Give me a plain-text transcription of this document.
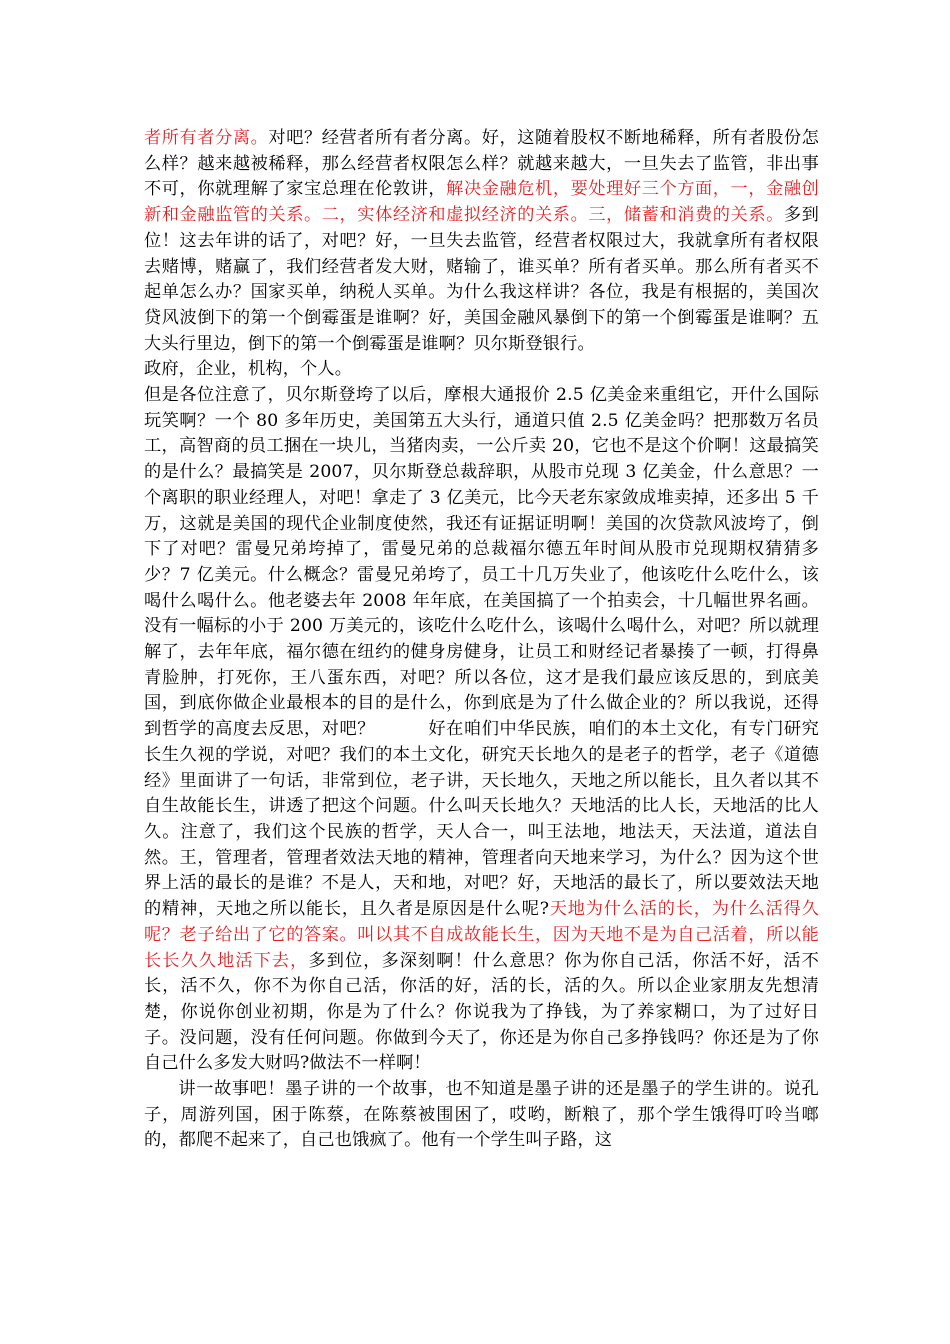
者所有者分离。对吧？经营者所有者分离。好，这随着股权不断地稀释，所有者股份怎么样？越来越被稀释，那么经营者权限怎么样？就越来越大，一旦失去了监管，非出事不可，你就理解了家宝总理在伦敦讲，解决金融危机，要处理好三个方面，一，金融创新和金融监管的关系。二，实体经济和虚拟经济的关系。三，储蓄和消费的关系。多到位！这去年讲的话了，对吧？好，一旦失去监管，经营者权限过大，我就拿所有者权限去赌博，赌赢了，我们经营者发大财，赌输了，谁买单？所有者买单。那么所有者买不起单怎么办？国家买单，纳税人买单。为什么我这样讲？各位，我是有根据的，美国次贷风波倒下的第一个倒霉蛋是谁啊？好，美国金融风暴倒下的第一个倒霉蛋是谁啊？五大头行里边，倒下的第一个倒霉蛋是谁啊？贝尔斯登银行。

政府，企业，机构，个人。

但是各位注意了，贝尔斯登垮了以后，摩根大通报价 2.5 亿美金来重组它，开什么国际玩笑啊？一个 80 多年历史，美国第五大头行，通道只值 2.5 亿美金吗？把那数万名员工，高智商的员工捆在一块儿，当猪肉卖，一公斤卖 20，它也不是这个价啊！这最搞笑的是什么？最搞笑是 2007，贝尔斯登总裁辞职，从股市兑现 3 亿美金，什么意思？一个离职的职业经理人，对吧！拿走了 3 亿美元，比今天老东家敛成堆卖掉，还多出 5 千万，这就是美国的现代企业制度使然，我还有证据证明啊！美国的次贷款风波垮了，倒下了对吧？雷曼兄弟垮掉了，雷曼兄弟的总裁福尔德五年时间从股市兑现期权猜猜多少？7 亿美元。什么概念？雷曼兄弟垮了，员工十几万失业了，他该吃什么吃什么，该喝什么喝什么。他老婆去年 2008 年年底，在美国搞了一个拍卖会，十几幅世界名画。没有一幅标的小于 200 万美元的，该吃什么吃什么，该喝什么喝什么，对吧？所以就理解了，去年年底，福尔德在纽约的健身房健身，让员工和财经记者暴揍了一顿，打得鼻青脸肿，打死你，王八蛋东西，对吧？所以各位，这才是我们最应该反思的，到底美国，到底你做企业最根本的目的是什么，你到底是为了什么做企业的？所以我说，还得到哲学的高度去反思，对吧？　　　好在咱们中华民族，咱们的本土文化，有专门研究长生久视的学说，对吧？我们的本土文化，研究天长地久的是老子的哲学，老子《道德经》里面讲了一句话，非常到位，老子讲，天长地久，天地之所以能长，且久者以其不自生故能长生，讲透了把这个问题。什么叫天长地久？天地活的比人长，天地活的比人久。注意了，我们这个民族的哲学，天人合一，叫王法地，地法天，天法道，道法自然。王，管理者，管理者效法天地的精神，管理者向天地来学习，为什么？因为这个世界上活的最长的是谁？不是人，天和地，对吧？好，天地活的最长了，所以要效法天地的精神，天地之所以能长，且久者是原因是什么呢?天地为什么活的长，为什么活得久呢？老子给出了它的答案。叫以其不自成故能长生，因为天地不是为自己活着，所以能长长久久地活下去，多到位，多深刻啊！什么意思？你为你自己活，你活不好，活不长，活不久，你不为你自己活，你活的好，活的长，活的久。所以企业家朋友先想清楚，你说你创业初期，你是为了什么？你说我为了挣钱，为了养家糊口，为了过好日子。没问题，没有任何问题。你做到今天了，你还是为你自己多挣钱吗？你还是为了你自己什么多发大财吗?做法不一样啊！

讲一故事吧！墨子讲的一个故事，也不知道是墨子讲的还是墨子的学生讲的。说孔子，周游列国，困于陈蔡，在陈蔡被围困了，哎哟，断粮了，那个学生饿得叮呤当啷的，都爬不起来了，自己也饿疯了。他有一个学生叫子路，这
